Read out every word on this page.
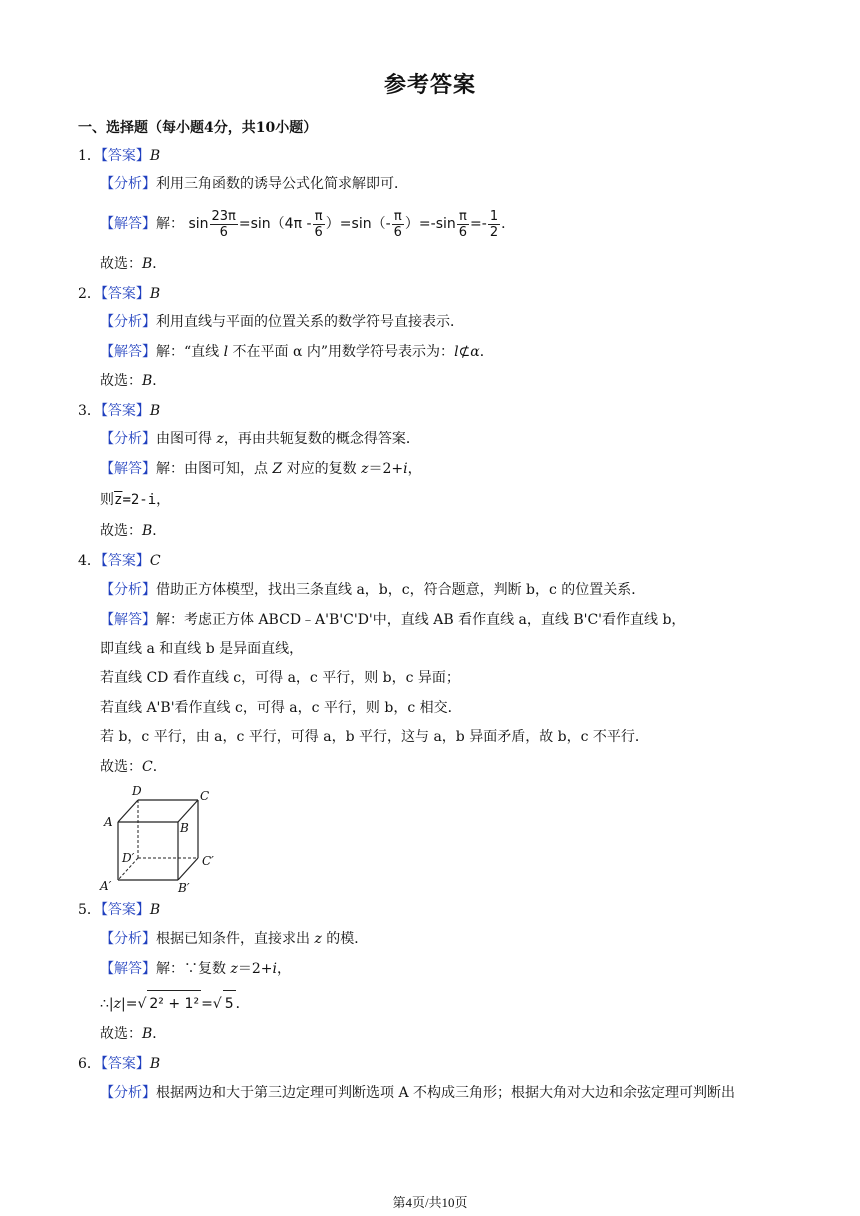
参考答案
一、选择题（每小题4分，共10小题）
1．【答案】B
【分析】利用三角函数的诱导公式化简求解即可．
【解答】解： $\sin \frac{23\pi}{6} =\sin(4\pi - \frac{\pi}{6} )=\sin(- \frac{\pi}{6} )=-\sin \frac{\pi}{6} =- \frac{1}{2}$ ．
故选：B．
2．【答案】B
【分析】利用直线与平面的位置关系的数学符号直接表示．
【解答】解：“直线 l 不在平面 α 内”用数学符号表示为：l⊄α．
故选：B．
3．【答案】B
【分析】由图可得 z，再由共轭复数的概念得答案．
【解答】解：由图可知，点 Z 对应的复数 z＝2+i，
则$\overline{z}=2-i$，
故选：B．
4．【答案】C
【分析】借助正方体模型，找出三条直线 a，b，c，符合题意，判断 b，c 的位置关系．
【解答】解：考虑正方体 ABCD﹣A'B'C'D'中，直线 AB 看作直线 a，直线 B'C'看作直线 b，
即直线 a 和直线 b 是异面直线，
若直线 CD 看作直线 c，可得 a，c 平行，则 b，c 异面；
若直线 A'B'看作直线 c，可得 a，c 平行，则 b，c 相交．
若 b，c 平行，由 a，c 平行，可得 a，b 平行，这与 a，b 异面矛盾，故 b，c 不平行．
故选：C．
D	C
A	B
D′	C′
A′	B′
5．【答案】B
【分析】根据已知条件，直接求出 z 的模．
【解答】解：∵复数 z＝2+i，
∴|z|=√ 2² + 1² =√ 5 ．
故选：B．
6．【答案】B
【分析】根据两边和大于第三边定理可判断选项 A 不构成三角形；根据大角对大边和余弦定理可判断出
第4页/共10页
